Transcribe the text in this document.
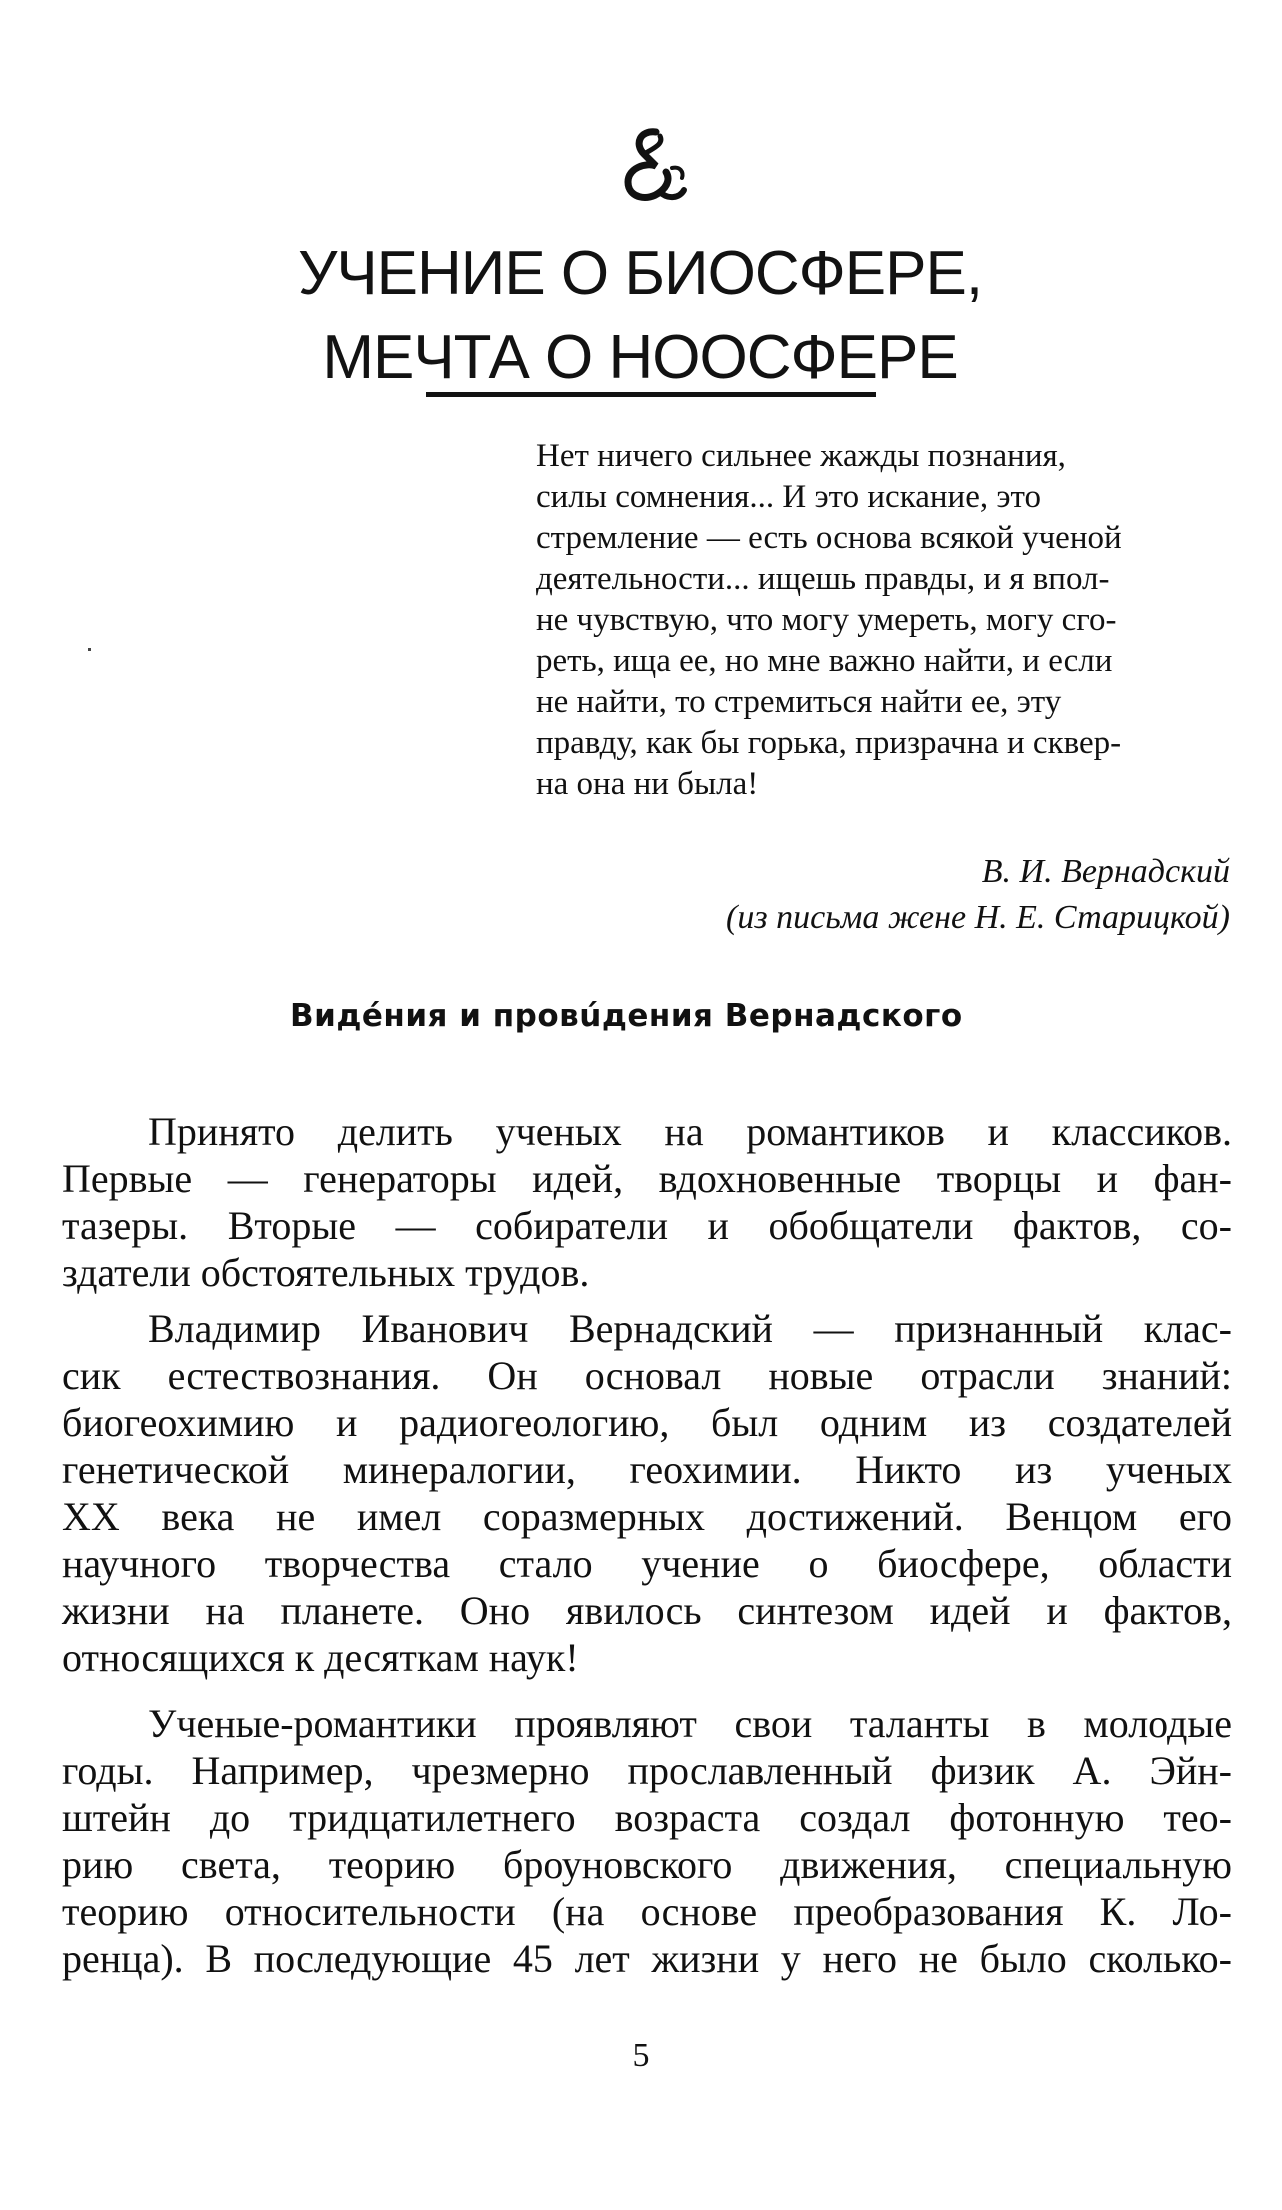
УЧЕНИЕ О БИОСФЕРЕ,
МЕЧТА О НООСФЕРЕ
Нет ничего сильнее жажды познания,
силы сомнения... И это искание, это
стремление — есть основа всякой ученой
деятельности... ищешь правды, и я впол-
не чувствую, что могу умереть, могу сго-
реть, ища ее, но мне важно найти, и если
не найти, то стремиться найти ее, эту
правду, как бы горька, призрачна и сквер-
на она ни была!
В. И. Вернадский
(из письма жене Н. Е. Старицкой)
Видéния и провúдения Вернадского
Принято делить ученых на романтиков и классиков.
Первые — генераторы идей, вдохновенные творцы и фан-
тазеры. Вторые — собиратели и обобщатели фактов, со-
здатели обстоятельных трудов.
Владимир Иванович Вернадский — признанный клас-
сик естествознания. Он основал новые отрасли знаний:
биогеохимию и радиогеологию, был одним из создателей
генетической минералогии, геохимии. Никто из ученых
XX века не имел соразмерных достижений. Венцом его
научного творчества стало учение о биосфере, области
жизни на планете. Оно явилось синтезом идей и фактов,
относящихся к десяткам наук!
Ученые-романтики проявляют свои таланты в молодые
годы. Например, чрезмерно прославленный физик А. Эйн-
штейн до тридцатилетнего возраста создал фотонную тео-
рию света, теорию броуновского движения, специальную
теорию относительности (на основе преобразования К. Ло-
ренца). В последующие 45 лет жизни у него не было сколько-
5
